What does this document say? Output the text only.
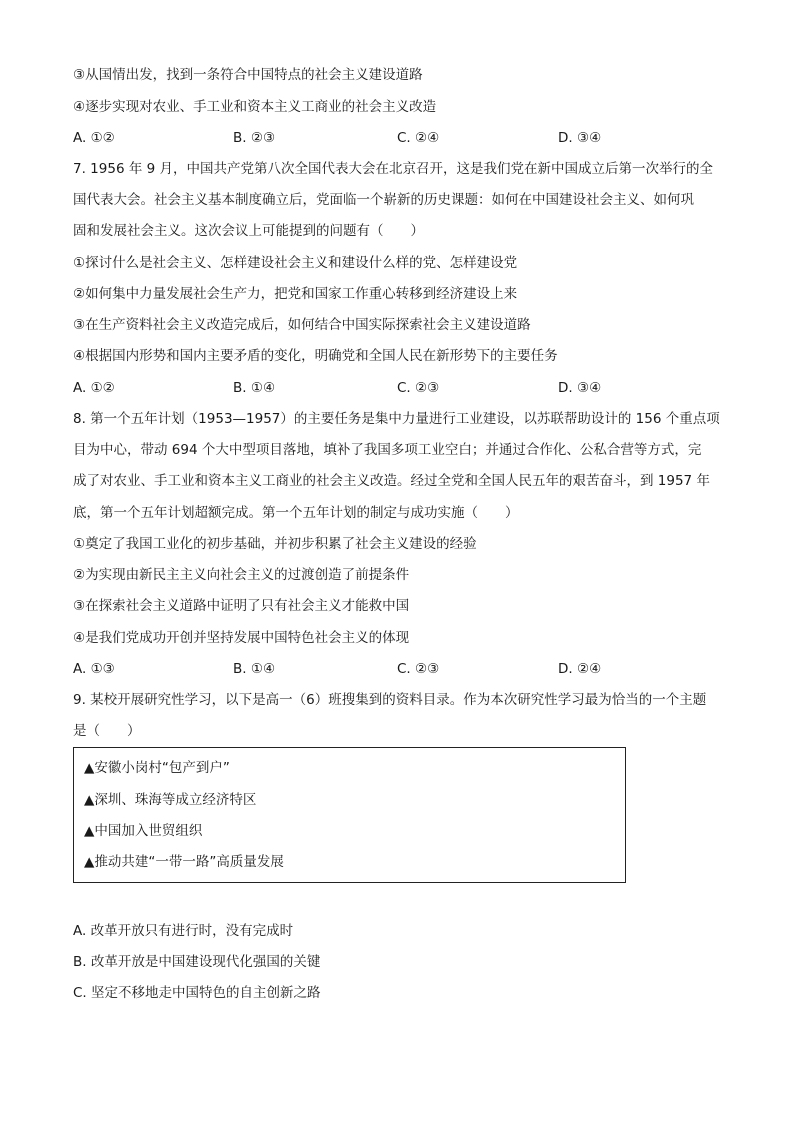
③从国情出发，找到一条符合中国特点的社会主义建设道路
④逐步实现对农业、手工业和资本主义工商业的社会主义改造
A. ①②	B. ②③	C. ②④	D. ③④
7. 1956 年 9 月，中国共产党第八次全国代表大会在北京召开，这是我们党在新中国成立后第一次举行的全
国代表大会。社会主义基本制度确立后，党面临一个崭新的历史课题：如何在中国建设社会主义、如何巩
固和发展社会主义。这次会议上可能提到的问题有（　　）
①探讨什么是社会主义、怎样建设社会主义和建设什么样的党、怎样建设党
②如何集中力量发展社会生产力，把党和国家工作重心转移到经济建设上来
③在生产资料社会主义改造完成后，如何结合中国实际探索社会主义建设道路
④根据国内形势和国内主要矛盾的变化，明确党和全国人民在新形势下的主要任务
A. ①②	B. ①④	C. ②③	D. ③④
8. 第一个五年计划（1953—1957）的主要任务是集中力量进行工业建设，以苏联帮助设计的 156 个重点项
目为中心，带动 694 个大中型项目落地，填补了我国多项工业空白；并通过合作化、公私合营等方式，完
成了对农业、手工业和资本主义工商业的社会主义改造。经过全党和全国人民五年的艰苦奋斗，到 1957 年
底，第一个五年计划超额完成。第一个五年计划的制定与成功实施（　　）
①奠定了我国工业化的初步基础，并初步积累了社会主义建设的经验
②为实现由新民主主义向社会主义的过渡创造了前提条件
③在探索社会主义道路中证明了只有社会主义才能救中国
④是我们党成功开创并坚持发展中国特色社会主义的体现
A. ①③	B. ①④	C. ②③	D. ②④
9. 某校开展研究性学习，以下是高一（6）班搜集到的资料目录。作为本次研究性学习最为恰当的一个主题
是（　　）
▲安徽小岗村“包产到户”
▲深圳、珠海等成立经济特区
▲中国加入世贸组织
▲推动共建“一带一路”高质量发展
A. 改革开放只有进行时，没有完成时
B. 改革开放是中国建设现代化强国的关键
C. 坚定不移地走中国特色的自主创新之路
